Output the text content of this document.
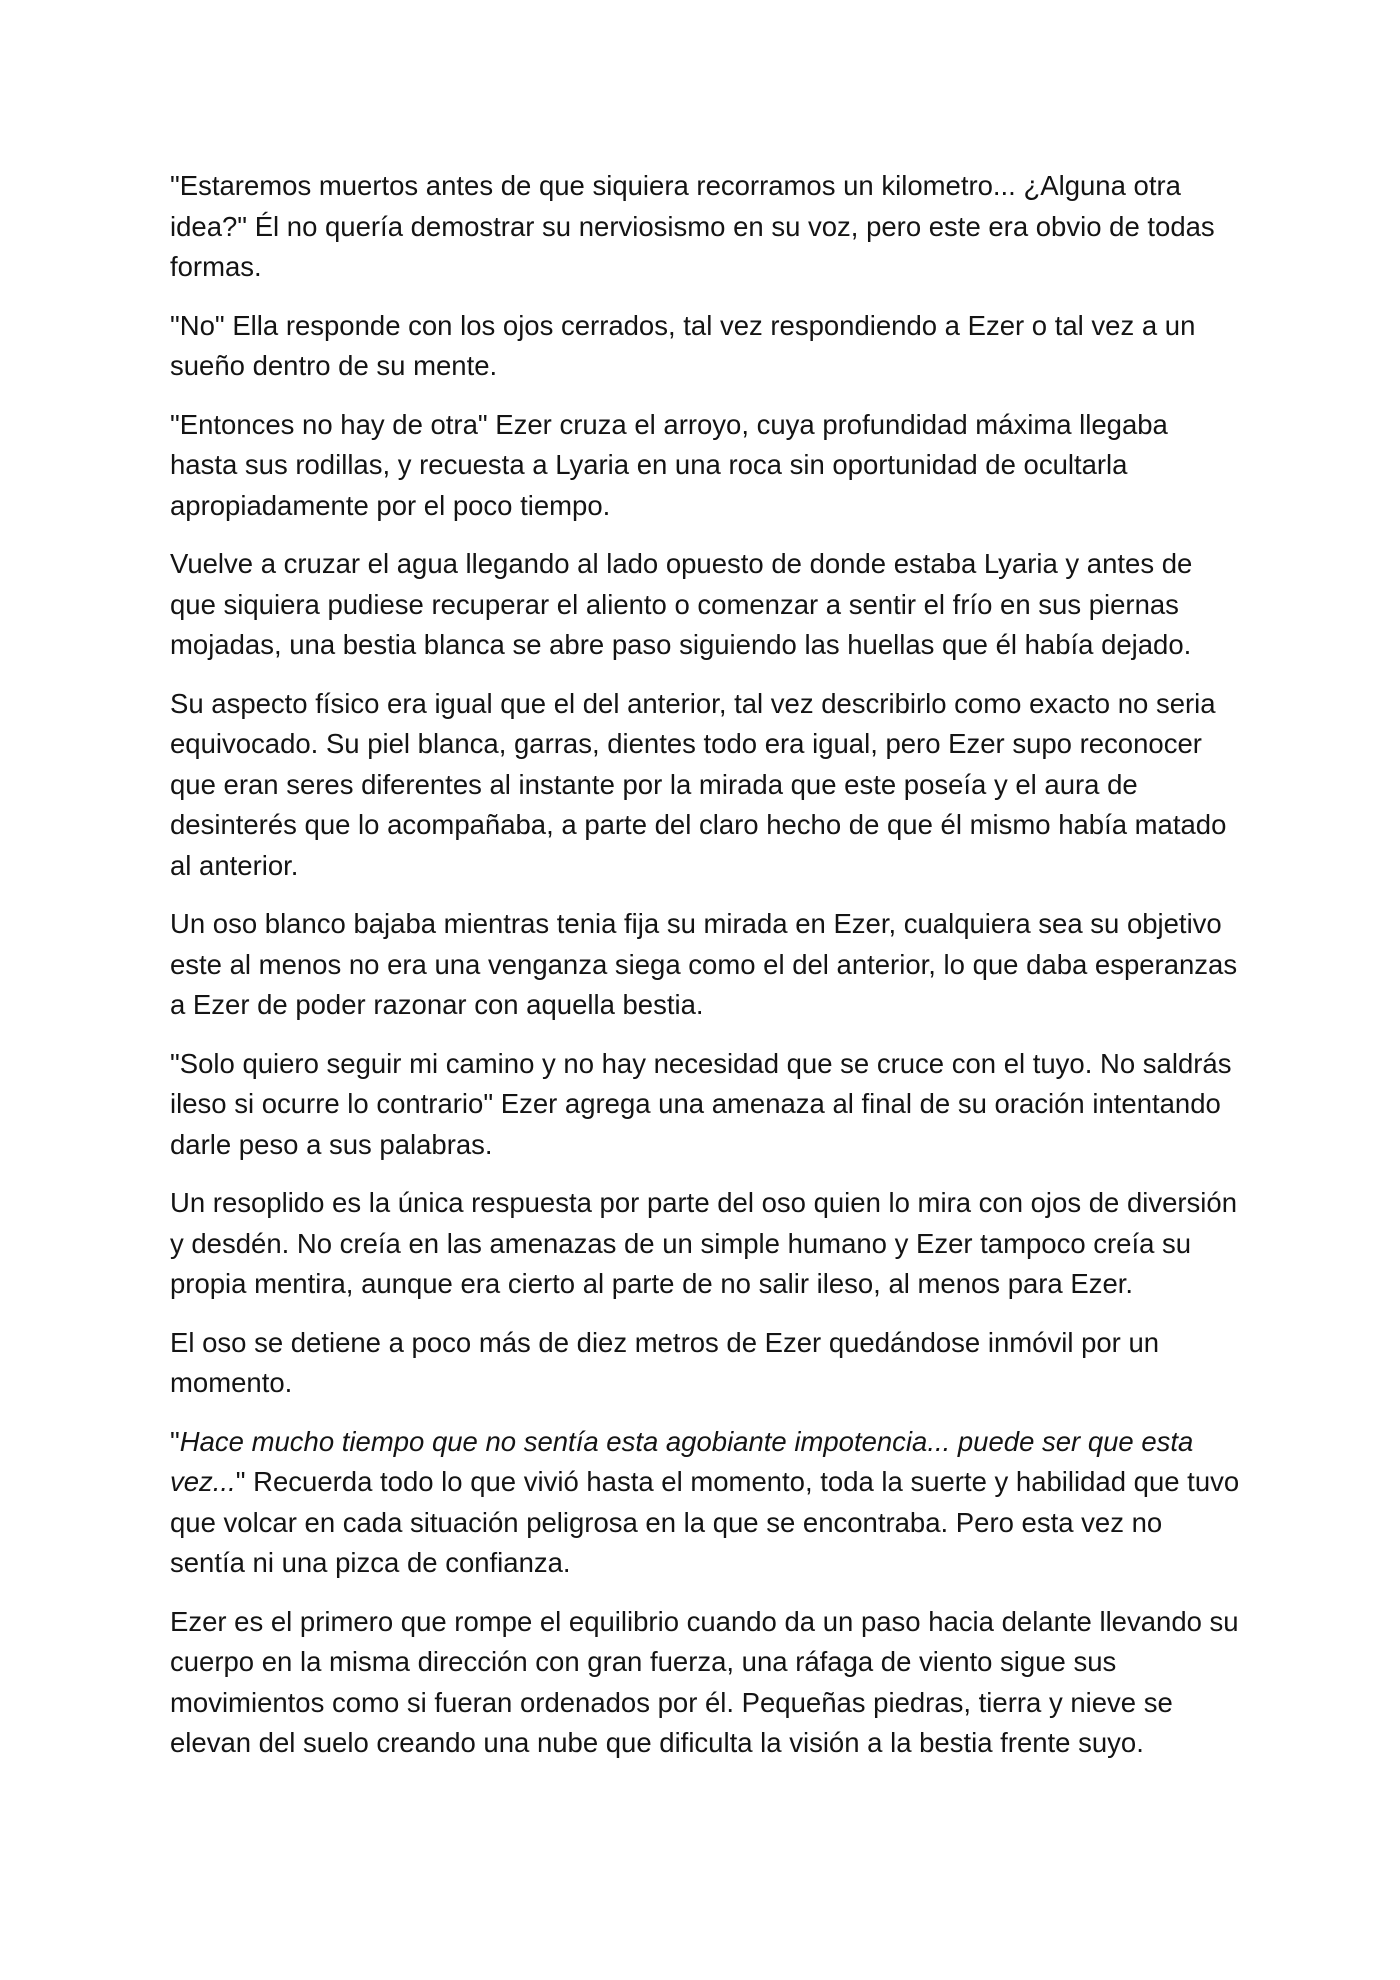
"Estaremos muertos antes de que siquiera recorramos un kilometro... ¿Alguna otra idea?" Él no quería demostrar su nerviosismo en su voz, pero este era obvio de todas formas.

"No" Ella responde con los ojos cerrados, tal vez respondiendo a Ezer o tal vez a un sueño dentro de su mente.

"Entonces no hay de otra" Ezer cruza el arroyo, cuya profundidad máxima llegaba hasta sus rodillas, y recuesta a Lyaria en una roca sin oportunidad de ocultarla apropiadamente por el poco tiempo.

Vuelve a cruzar el agua llegando al lado opuesto de donde estaba Lyaria y antes de que siquiera pudiese recuperar el aliento o comenzar a sentir el frío en sus piernas mojadas, una bestia blanca se abre paso siguiendo las huellas que él había dejado.

Su aspecto físico era igual que el del anterior, tal vez describirlo como exacto no seria equivocado. Su piel blanca, garras, dientes todo era igual, pero Ezer supo reconocer que eran seres diferentes al instante por la mirada que este poseía y el aura de desinterés que lo acompañaba, a parte del claro hecho de que él mismo había matado al anterior.

Un oso blanco bajaba mientras tenia fija su mirada en Ezer, cualquiera sea su objetivo este al menos no era una venganza siega como el del anterior, lo que daba esperanzas a Ezer de poder razonar con aquella bestia.

"Solo quiero seguir mi camino y no hay necesidad que se cruce con el tuyo. No saldrás ileso si ocurre lo contrario" Ezer agrega una amenaza al final de su oración intentando darle peso a sus palabras.

Un resoplido es la única respuesta por parte del oso quien lo mira con ojos de diversión y desdén. No creía en las amenazas de un simple humano y Ezer tampoco creía su propia mentira, aunque era cierto al parte de no salir ileso, al menos para Ezer.

El oso se detiene a poco más de diez metros de Ezer quedándose inmóvil por un momento.

"Hace mucho tiempo que no sentía esta agobiante impotencia... puede ser que esta vez..." Recuerda todo lo que vivió hasta el momento, toda la suerte y habilidad que tuvo que volcar en cada situación peligrosa en la que se encontraba. Pero esta vez no sentía ni una pizca de confianza.

Ezer es el primero que rompe el equilibrio cuando da un paso hacia delante llevando su cuerpo en la misma dirección con gran fuerza, una ráfaga de viento sigue sus movimientos como si fueran ordenados por él. Pequeñas piedras, tierra y nieve se elevan del suelo creando una nube que dificulta la visión a la bestia frente suyo.
